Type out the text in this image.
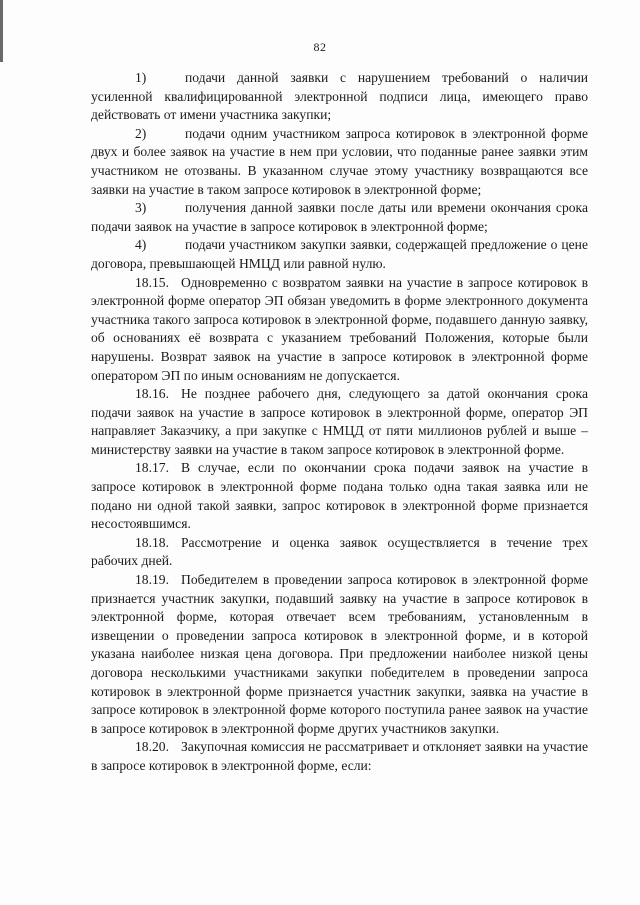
82

1)	подачи данной заявки с нарушением требований о наличии усиленной квалифицированной электронной подписи лица, имеющего право действовать от имени участника закупки;

2)	подачи одним участником запроса котировок в электронной форме двух и более заявок на участие в нем при условии, что поданные ранее заявки этим участником не отозваны. В указанном случае этому участнику возвращаются все заявки на участие в таком запросе котировок в электронной форме;

3)	получения данной заявки после даты или времени окончания срока подачи заявок на участие в запросе котировок в электронной форме;

4)	подачи участником закупки заявки, содержащей предложение о цене договора, превышающей НМЦД или равной нулю.

18.15. Одновременно с возвратом заявки на участие в запросе котировок в электронной форме оператор ЭП обязан уведомить в форме электронного документа участника такого запроса котировок в электронной форме, подавшего данную заявку, об основаниях её возврата с указанием требований Положения, которые были нарушены. Возврат заявок на участие в запросе котировок в электронной форме оператором ЭП по иным основаниям не допускается.

18.16. Не позднее рабочего дня, следующего за датой окончания срока подачи заявок на участие в запросе котировок в электронной форме, оператор ЭП направляет Заказчику, а при закупке с НМЦД от пяти миллионов рублей и выше – министерству заявки на участие в таком запросе котировок в электронной форме.

18.17. В случае, если по окончании срока подачи заявок на участие в запросе котировок в электронной форме подана только одна такая заявка или не подано ни одной такой заявки, запрос котировок в электронной форме признается несостоявшимся.

18.18. Рассмотрение и оценка заявок осуществляется в течение трех рабочих дней.

18.19. Победителем в проведении запроса котировок в электронной форме признается участник закупки, подавший заявку на участие в запросе котировок в электронной форме, которая отвечает всем требованиям, установленным в извещении о проведении запроса котировок в электронной форме, и в которой указана наиболее низкая цена договора. При предложении наиболее низкой цены договора несколькими участниками закупки победителем в проведении запроса котировок в электронной форме признается участник закупки, заявка на участие в запросе котировок в электронной форме которого поступила ранее заявок на участие в запросе котировок в электронной форме других участников закупки.

18.20. Закупочная комиссия не рассматривает и отклоняет заявки на участие в запросе котировок в электронной форме, если:
